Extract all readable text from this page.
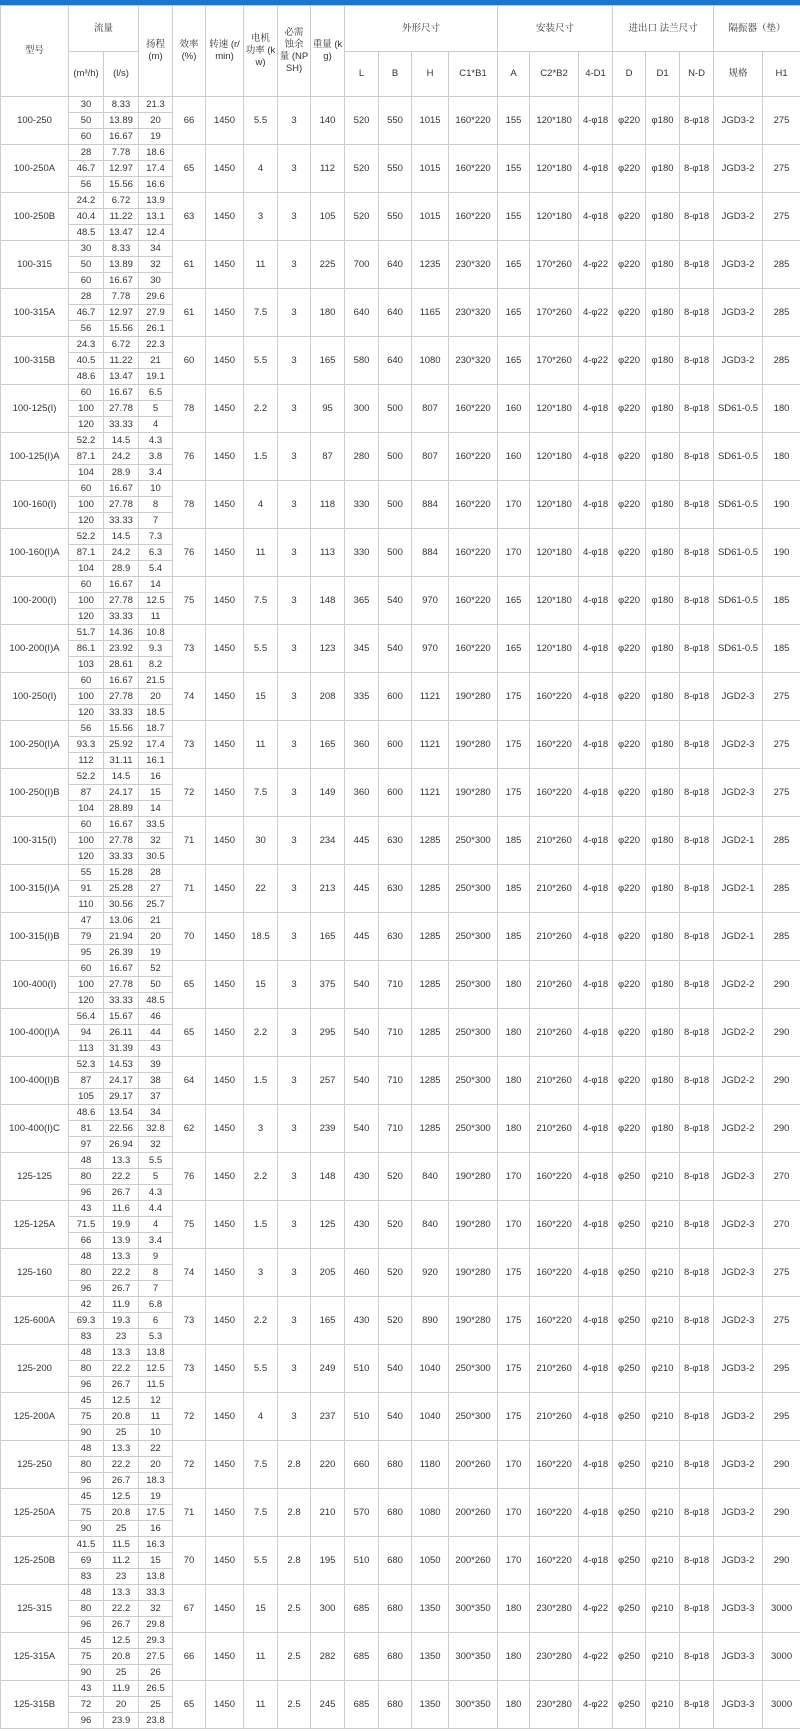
型号	流量		扬程 (m)	效率 (%)	转速 (r/min)	电机 功率 (kw)	必需 蚀余 量 (NPSH)	重量 (kg)	外形尺寸				安装尺寸			进出口 法兰尺寸			隔振器（垫）	
	(m³/h)	(l/s)							L	B	H	C1*B1	A	C2*B2	4-D1	D	D1	N-D	规格	H1
100-250	30	8.33	21.3	66	1450	5.5	3	140	520	550	1015	160*220	155	120*180	4-φ18	φ220	φ180	8-φ18	JGD3-2	275
	50	13.89	20																	
	60	16.67	19																	
100-250A	28	7.78	18.6	65	1450	4	3	112	520	550	1015	160*220	155	120*180	4-φ18	φ220	φ180	8-φ18	JGD3-2	275
	46.7	12.97	17.4																	
	56	15.56	16.6																	
100-250B	24.2	6.72	13.9	63	1450	3	3	105	520	550	1015	160*220	155	120*180	4-φ18	φ220	φ180	8-φ18	JGD3-2	275
	40.4	11.22	13.1																	
	48.5	13.47	12.4																	
100-315	30	8.33	34	61	1450	11	3	225	700	640	1235	230*320	165	170*260	4-φ22	φ220	φ180	8-φ18	JGD3-2	285
	50	13.89	32																	
	60	16.67	30																	
100-315A	28	7.78	29.6	61	1450	7.5	3	180	640	640	1165	230*320	165	170*260	4-φ22	φ220	φ180	8-φ18	JGD3-2	285
	46.7	12.97	27.9																	
	56	15.56	26.1																	
100-315B	24.3	6.72	22.3	60	1450	5.5	3	165	580	640	1080	230*320	165	170*260	4-φ22	φ220	φ180	8-φ18	JGD3-2	285
	40.5	11.22	21																	
	48.6	13.47	19.1																	
100-125(I)	60	16.67	6.5	78	1450	2.2	3	95	300	500	807	160*220	160	120*180	4-φ18	φ220	φ180	8-φ18	SD61-0.5	180
	100	27.78	5																	
	120	33.33	4																	
100-125(I)A	52.2	14.5	4.3	76	1450	1.5	3	87	280	500	807	160*220	160	120*180	4-φ18	φ220	φ180	8-φ18	SD61-0.5	180
	87.1	24.2	3.8																	
	104	28.9	3.4																	
100-160(I)	60	16.67	10	78	1450	4	3	118	330	500	884	160*220	170	120*180	4-φ18	φ220	φ180	8-φ18	SD61-0.5	190
	100	27.78	8																	
	120	33.33	7																	
100-160(I)A	52.2	14.5	7.3	76	1450	11	3	113	330	500	884	160*220	170	120*180	4-φ18	φ220	φ180	8-φ18	SD61-0.5	190
	87.1	24.2	6.3																	
	104	28.9	5.4																	
100-200(I)	60	16.67	14	75	1450	7.5	3	148	365	540	970	160*220	165	120*180	4-φ18	φ220	φ180	8-φ18	SD61-0.5	185
	100	27.78	12.5																	
	120	33.33	11																	
100-200(I)A	51.7	14.36	10.8	73	1450	5.5	3	123	345	540	970	160*220	165	120*180	4-φ18	φ220	φ180	8-φ18	SD61-0.5	185
	86.1	23.92	9.3																	
	103	28.61	8.2																	
100-250(I)	60	16.67	21.5	74	1450	15	3	208	335	600	1121	190*280	175	160*220	4-φ18	φ220	φ180	8-φ18	JGD2-3	275
	100	27.78	20																	
	120	33.33	18.5																	
100-250(I)A	56	15.56	18.7	73	1450	11	3	165	360	600	1121	190*280	175	160*220	4-φ18	φ220	φ180	8-φ18	JGD2-3	275
	93.3	25.92	17.4																	
	112	31.11	16.1																	
100-250(I)B	52.2	14.5	16	72	1450	7.5	3	149	360	600	1121	190*280	175	160*220	4-φ18	φ220	φ180	8-φ18	JGD2-3	275
	87	24.17	15																	
	104	28.89	14																	
100-315(I)	60	16.67	33.5	71	1450	30	3	234	445	630	1285	250*300	185	210*260	4-φ18	φ220	φ180	8-φ18	JGD2-1	285
	100	27.78	32																	
	120	33.33	30.5																	
100-315(I)A	55	15.28	28	71	1450	22	3	213	445	630	1285	250*300	185	210*260	4-φ18	φ220	φ180	8-φ18	JGD2-1	285
	91	25.28	27																	
	110	30.56	25.7																	
100-315(I)B	47	13.06	21	70	1450	18.5	3	165	445	630	1285	250*300	185	210*260	4-φ18	φ220	φ180	8-φ18	JGD2-1	285
	79	21.94	20																	
	95	26.39	19																	
100-400(I)	60	16.67	52	65	1450	15	3	375	540	710	1285	250*300	180	210*260	4-φ18	φ220	φ180	8-φ18	JGD2-2	290
	100	27.78	50																	
	120	33.33	48.5																	
100-400(I)A	56.4	15.67	46	65	1450	2.2	3	295	540	710	1285	250*300	180	210*260	4-φ18	φ220	φ180	8-φ18	JGD2-2	290
	94	26.11	44																	
	113	31.39	43																	
100-400(I)B	52.3	14.53	39	64	1450	1.5	3	257	540	710	1285	250*300	180	210*260	4-φ18	φ220	φ180	8-φ18	JGD2-2	290
	87	24.17	38																	
	105	29.17	37																	
100-400(I)C	48.6	13.54	34	62	1450	3	3	239	540	710	1285	250*300	180	210*260	4-φ18	φ220	φ180	8-φ18	JGD2-2	290
	81	22.56	32.8																	
	97	26.94	32																	
125-125	48	13.3	5.5	76	1450	2.2	3	148	430	520	840	190*280	170	160*220	4-φ18	φ250	φ210	8-φ18	JGD2-3	270
	80	22.2	5																	
	96	26.7	4.3																	
125-125A	43	11.6	4.4	75	1450	1.5	3	125	430	520	840	190*280	170	160*220	4-φ18	φ250	φ210	8-φ18	JGD2-3	270
	71.5	19.9	4																	
	66	13.9	3.4																	
125-160	48	13.3	9	74	1450	3	3	205	460	520	920	190*280	175	160*220	4-φ18	φ250	φ210	8-φ18	JGD2-3	275
	80	22.2	8																	
	96	26.7	7																	
125-600A	42	11.9	6.8	73	1450	2.2	3	165	430	520	890	190*280	175	160*220	4-φ18	φ250	φ210	8-φ18	JGD2-3	275
	69.3	19.3	6																	
	83	23	5.3																	
125-200	48	13.3	13.8	73	1450	5.5	3	249	510	540	1040	250*300	175	210*260	4-φ18	φ250	φ210	8-φ18	JGD3-2	295
	80	22.2	12.5																	
	96	26.7	11.5																	
125-200A	45	12.5	12	72	1450	4	3	237	510	540	1040	250*300	175	210*260	4-φ18	φ250	φ210	8-φ18	JGD3-2	295
	75	20.8	11																	
	90	25	10																	
125-250	48	13.3	22	72	1450	7.5	2.8	220	660	680	1180	200*260	170	160*220	4-φ18	φ250	φ210	8-φ18	JGD3-2	290
	80	22.2	20																	
	96	26.7	18.3																	
125-250A	45	12.5	19	71	1450	7.5	2.8	210	570	680	1080	200*260	170	160*220	4-φ18	φ250	φ210	8-φ18	JGD3-2	290
	75	20.8	17.5																	
	90	25	16																	
125-250B	41.5	11.5	16.3	70	1450	5.5	2.8	195	510	680	1050	200*260	170	160*220	4-φ18	φ250	φ210	8-φ18	JGD3-2	290
	69	11.2	15																	
	83	23	13.8																	
125-315	48	13.3	33.3	67	1450	15	2.5	300	685	680	1350	300*350	180	230*280	4-φ22	φ250	φ210	8-φ18	JGD3-3	3000
	80	22.2	32																	
	96	26.7	29.8																	
125-315A	45	12.5	29.3	66	1450	11	2.5	282	685	680	1350	300*350	180	230*280	4-φ22	φ250	φ210	8-φ18	JGD3-3	3000
	75	20.8	27.5																	
	90	25	26																	
125-315B	43	11.9	26.5	65	1450	11	2.5	245	685	680	1350	300*350	180	230*280	4-φ22	φ250	φ210	8-φ18	JGD3-3	3000
	72	20	25																	
	96	23.9	23.8																	
